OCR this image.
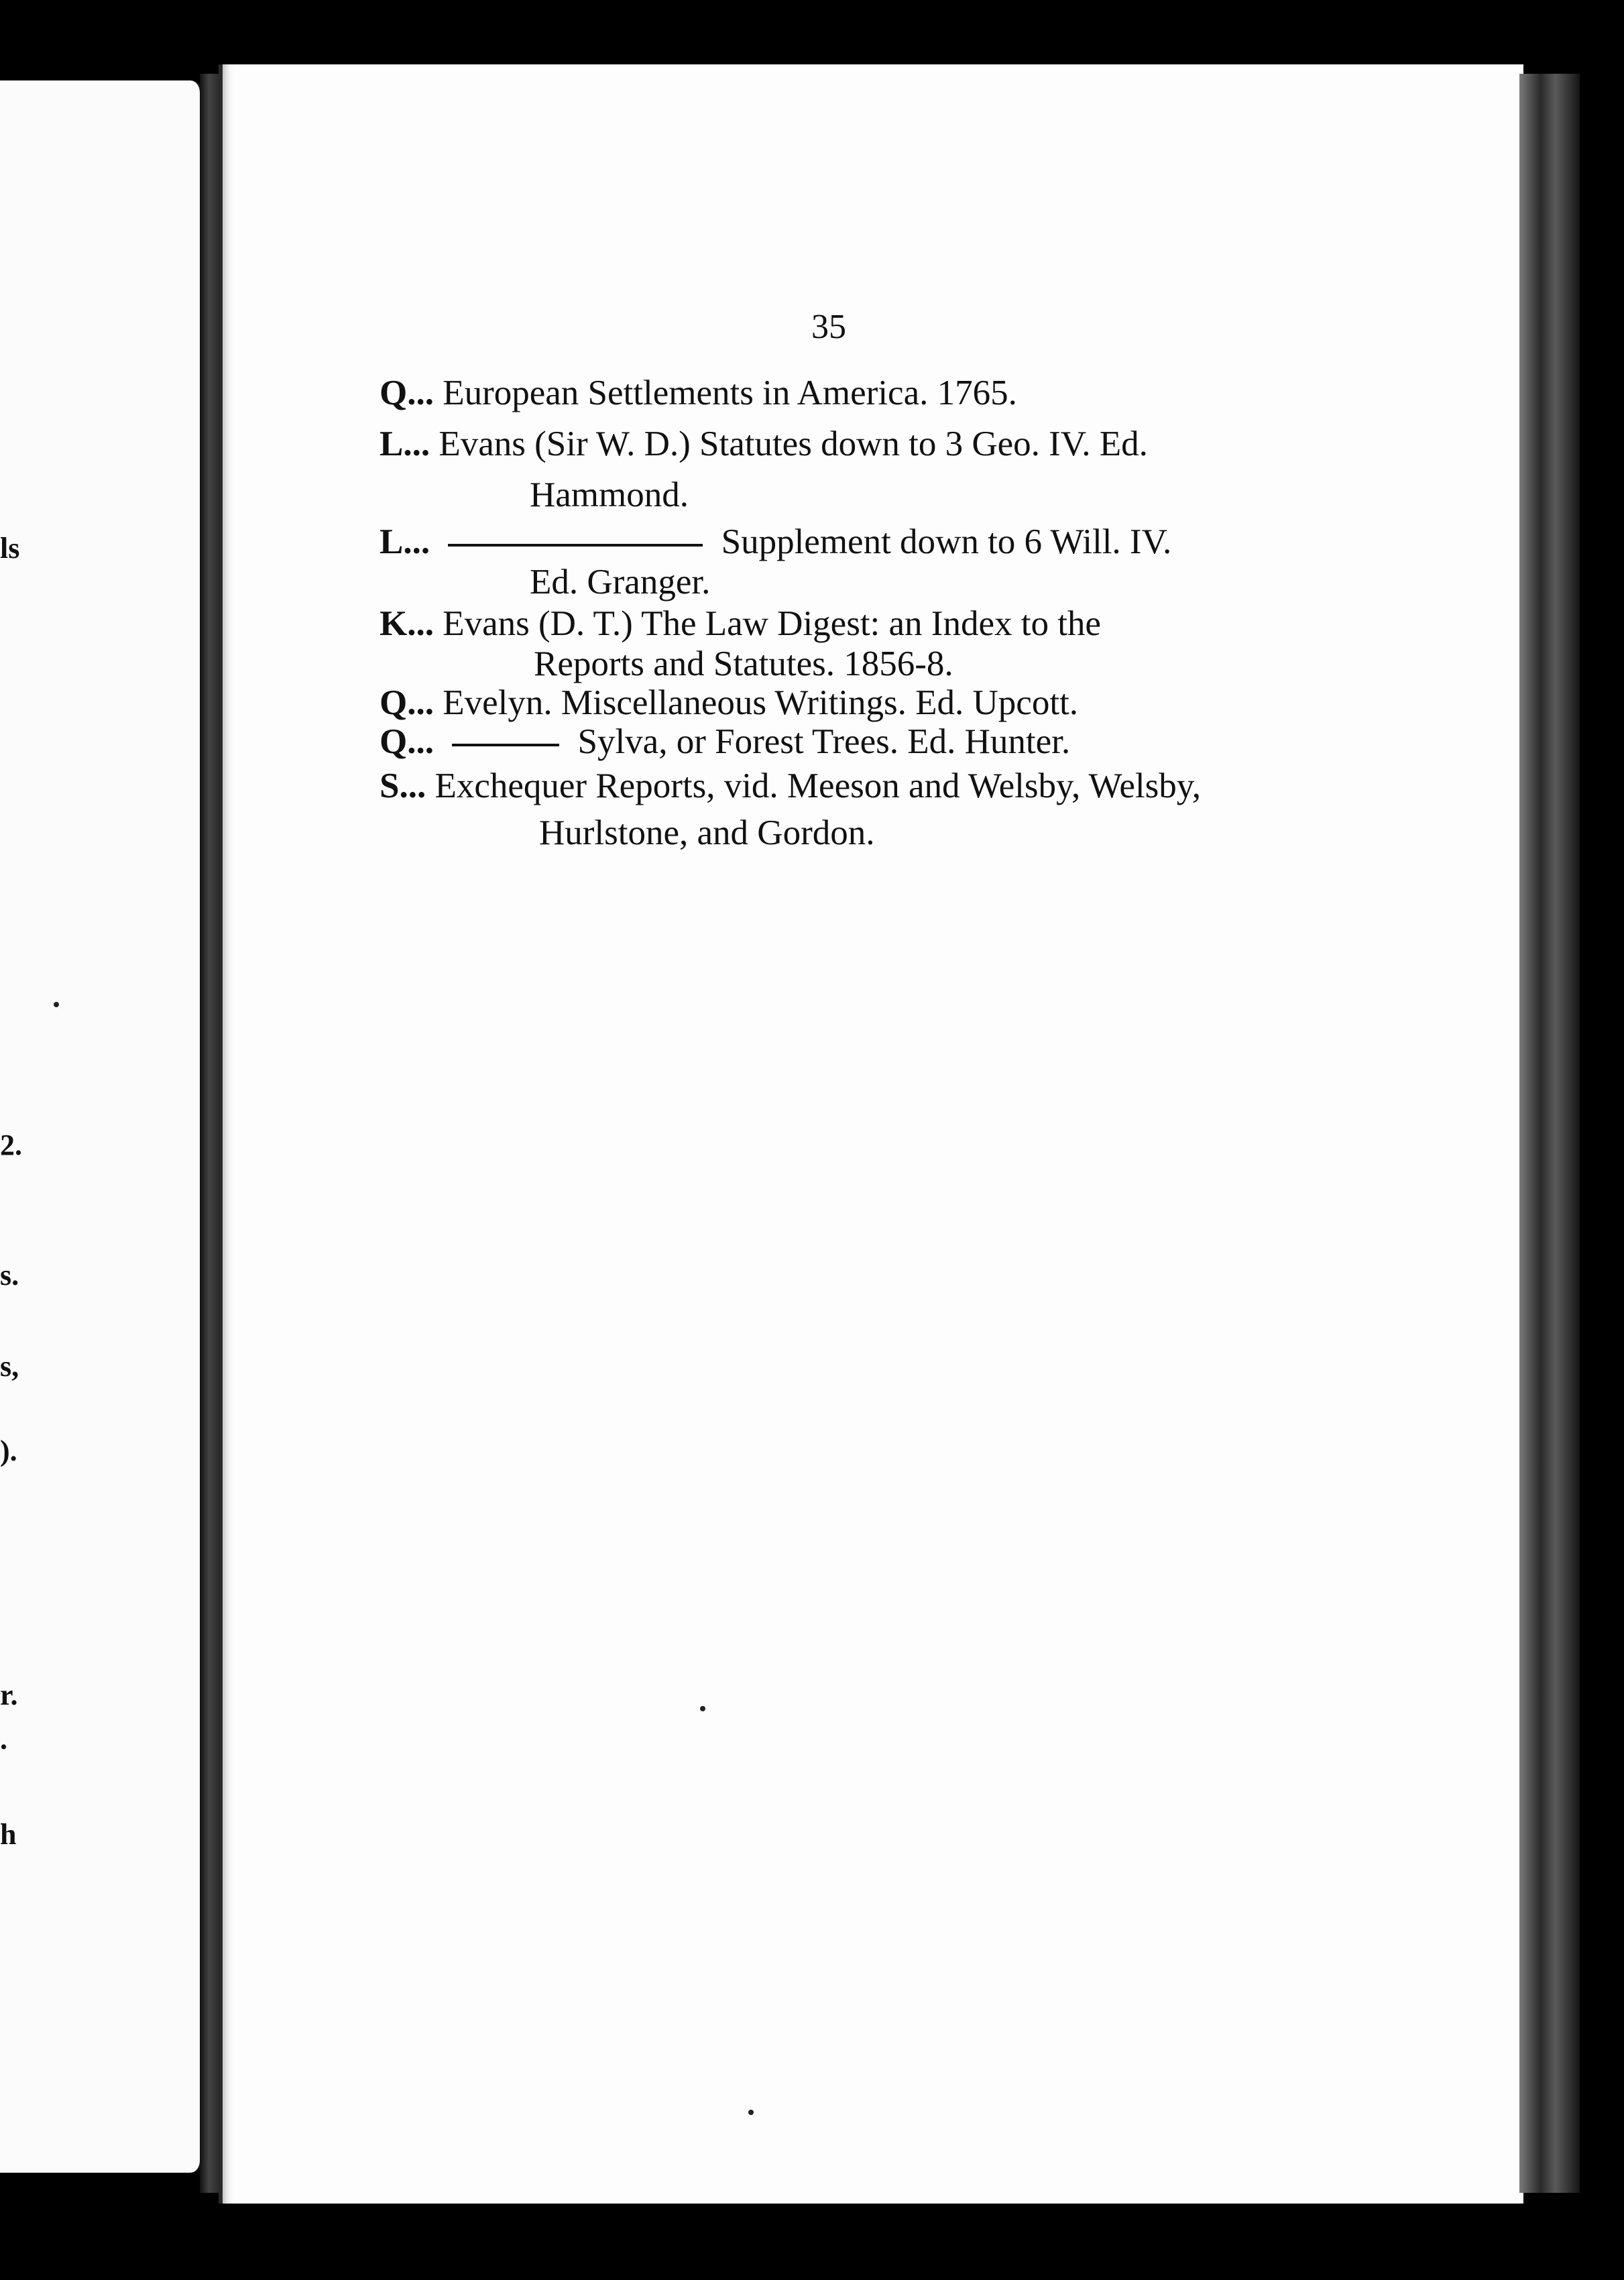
ls
2.
s.
s,
).
r.
.
h
35
Q... European Settlements in America. 1765.
L... Evans (Sir W. D.) Statutes down to 3 Geo. IV. Ed.
Hammond.
L...	Supplement down to 6 Will. IV.
Ed. Granger.
K... Evans (D. T.) The Law Digest: an Index to the
Reports and Statutes. 1856-8.
Q... Evelyn. Miscellaneous Writings. Ed. Upcott.
Q...	Sylva, or Forest Trees. Ed. Hunter.
S... Exchequer Reports, vid. Meeson and Welsby, Welsby,
Hurlstone, and Gordon.
